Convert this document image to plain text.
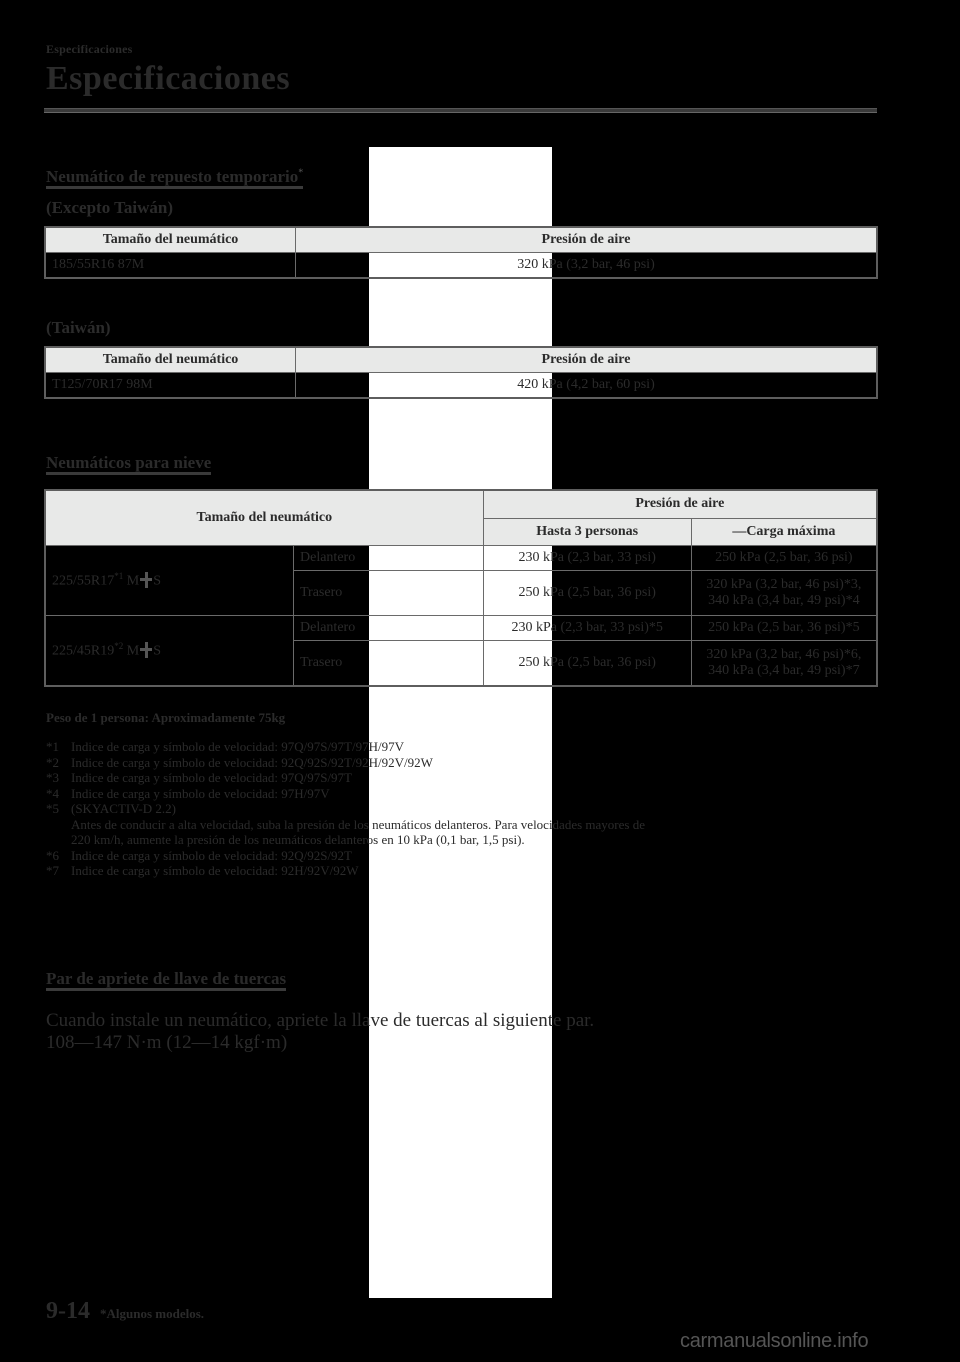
Especificaciones
Especificaciones
Neumático de repuesto temporario*
(Excepto Taiwán)
Tamaño del neumático	Presión de aire
185/55R16 87M	320 kPa (3,2 bar, 46 psi)
(Taiwán)
Tamaño del neumático	Presión de aire
T125/70R17 98M	420 kPa (4,2 bar, 60 psi)
Neumáticos para nieve
Tamaño del neumático		Presión de aire	
		Hasta 3 personas	—Carga máxima
225/55R17$^{*1}$ M S	Delantero	230 kPa (2,3 bar, 33 psi)	250 kPa (2,5 bar, 36 psi)
	Trasero	250 kPa (2,5 bar, 36 psi)	320 kPa (3,2 bar, 46 psi)*3,
340 kPa (3,4 bar, 49 psi)*4

225/45R19$^{*2}$ M S	Delantero	230 kPa (2,3 bar, 33 psi)*5	250 kPa (2,5 bar, 36 psi)*5
	Trasero	250 kPa (2,5 bar, 36 psi)	320 kPa (3,2 bar, 46 psi)*6,
340 kPa (3,4 bar, 49 psi)*7
Peso de 1 persona: Aproximadamente 75kg
*1 Indice de carga y símbolo de velocidad: 97Q/97S/97T/97H/97V
*2 Indice de carga y símbolo de velocidad: 92Q/92S/92T/92H/92V/92W
*3 Indice de carga y símbolo de velocidad: 97Q/97S/97T
*4 Indice de carga y símbolo de velocidad: 97H/97V
*5 (SKYACTIV-D 2.2)
Antes de conducir a alta velocidad, suba la presión de los neumáticos delanteros. Para velocidades mayores de
220 km/h, aumente la presión de los neumáticos delanteros en 10 kPa (0,1 bar, 1,5 psi).
*6 Indice de carga y símbolo de velocidad: 92Q/92S/92T
*7 Indice de carga y símbolo de velocidad: 92H/92V/92W
Par de apriete de llave de tuercas
Cuando instale un neumático, apriete la llave de tuercas al siguiente par.
108—147 N·m (12—14 kgf·m)
9-14 *Algunos modelos.
carmanualsonline.info
